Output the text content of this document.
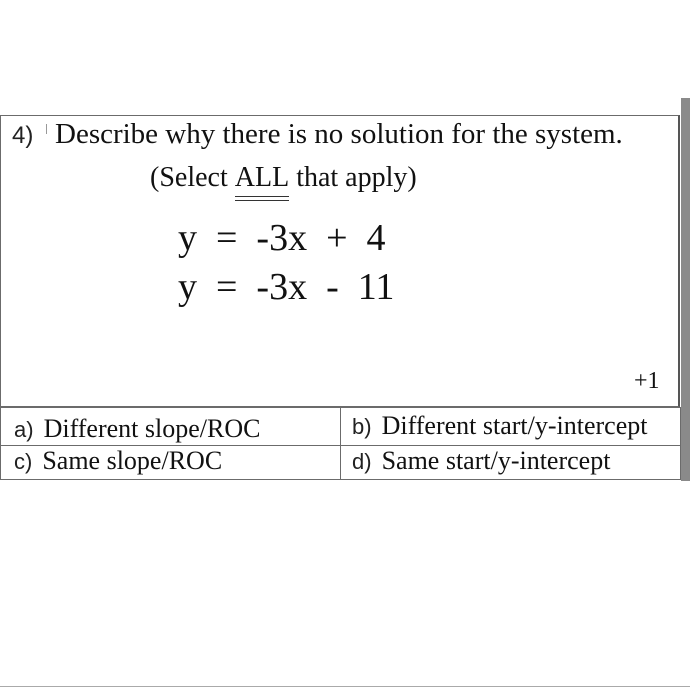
4) Describe why there is no solution for the system.
(Select ALL that apply)
y  =  -3x  +  4
y  =  -3x  -  11
+1
a) Different slope/ROC	b) Different start/y-intercept
c) Same slope/ROC	d) Same start/y-intercept
